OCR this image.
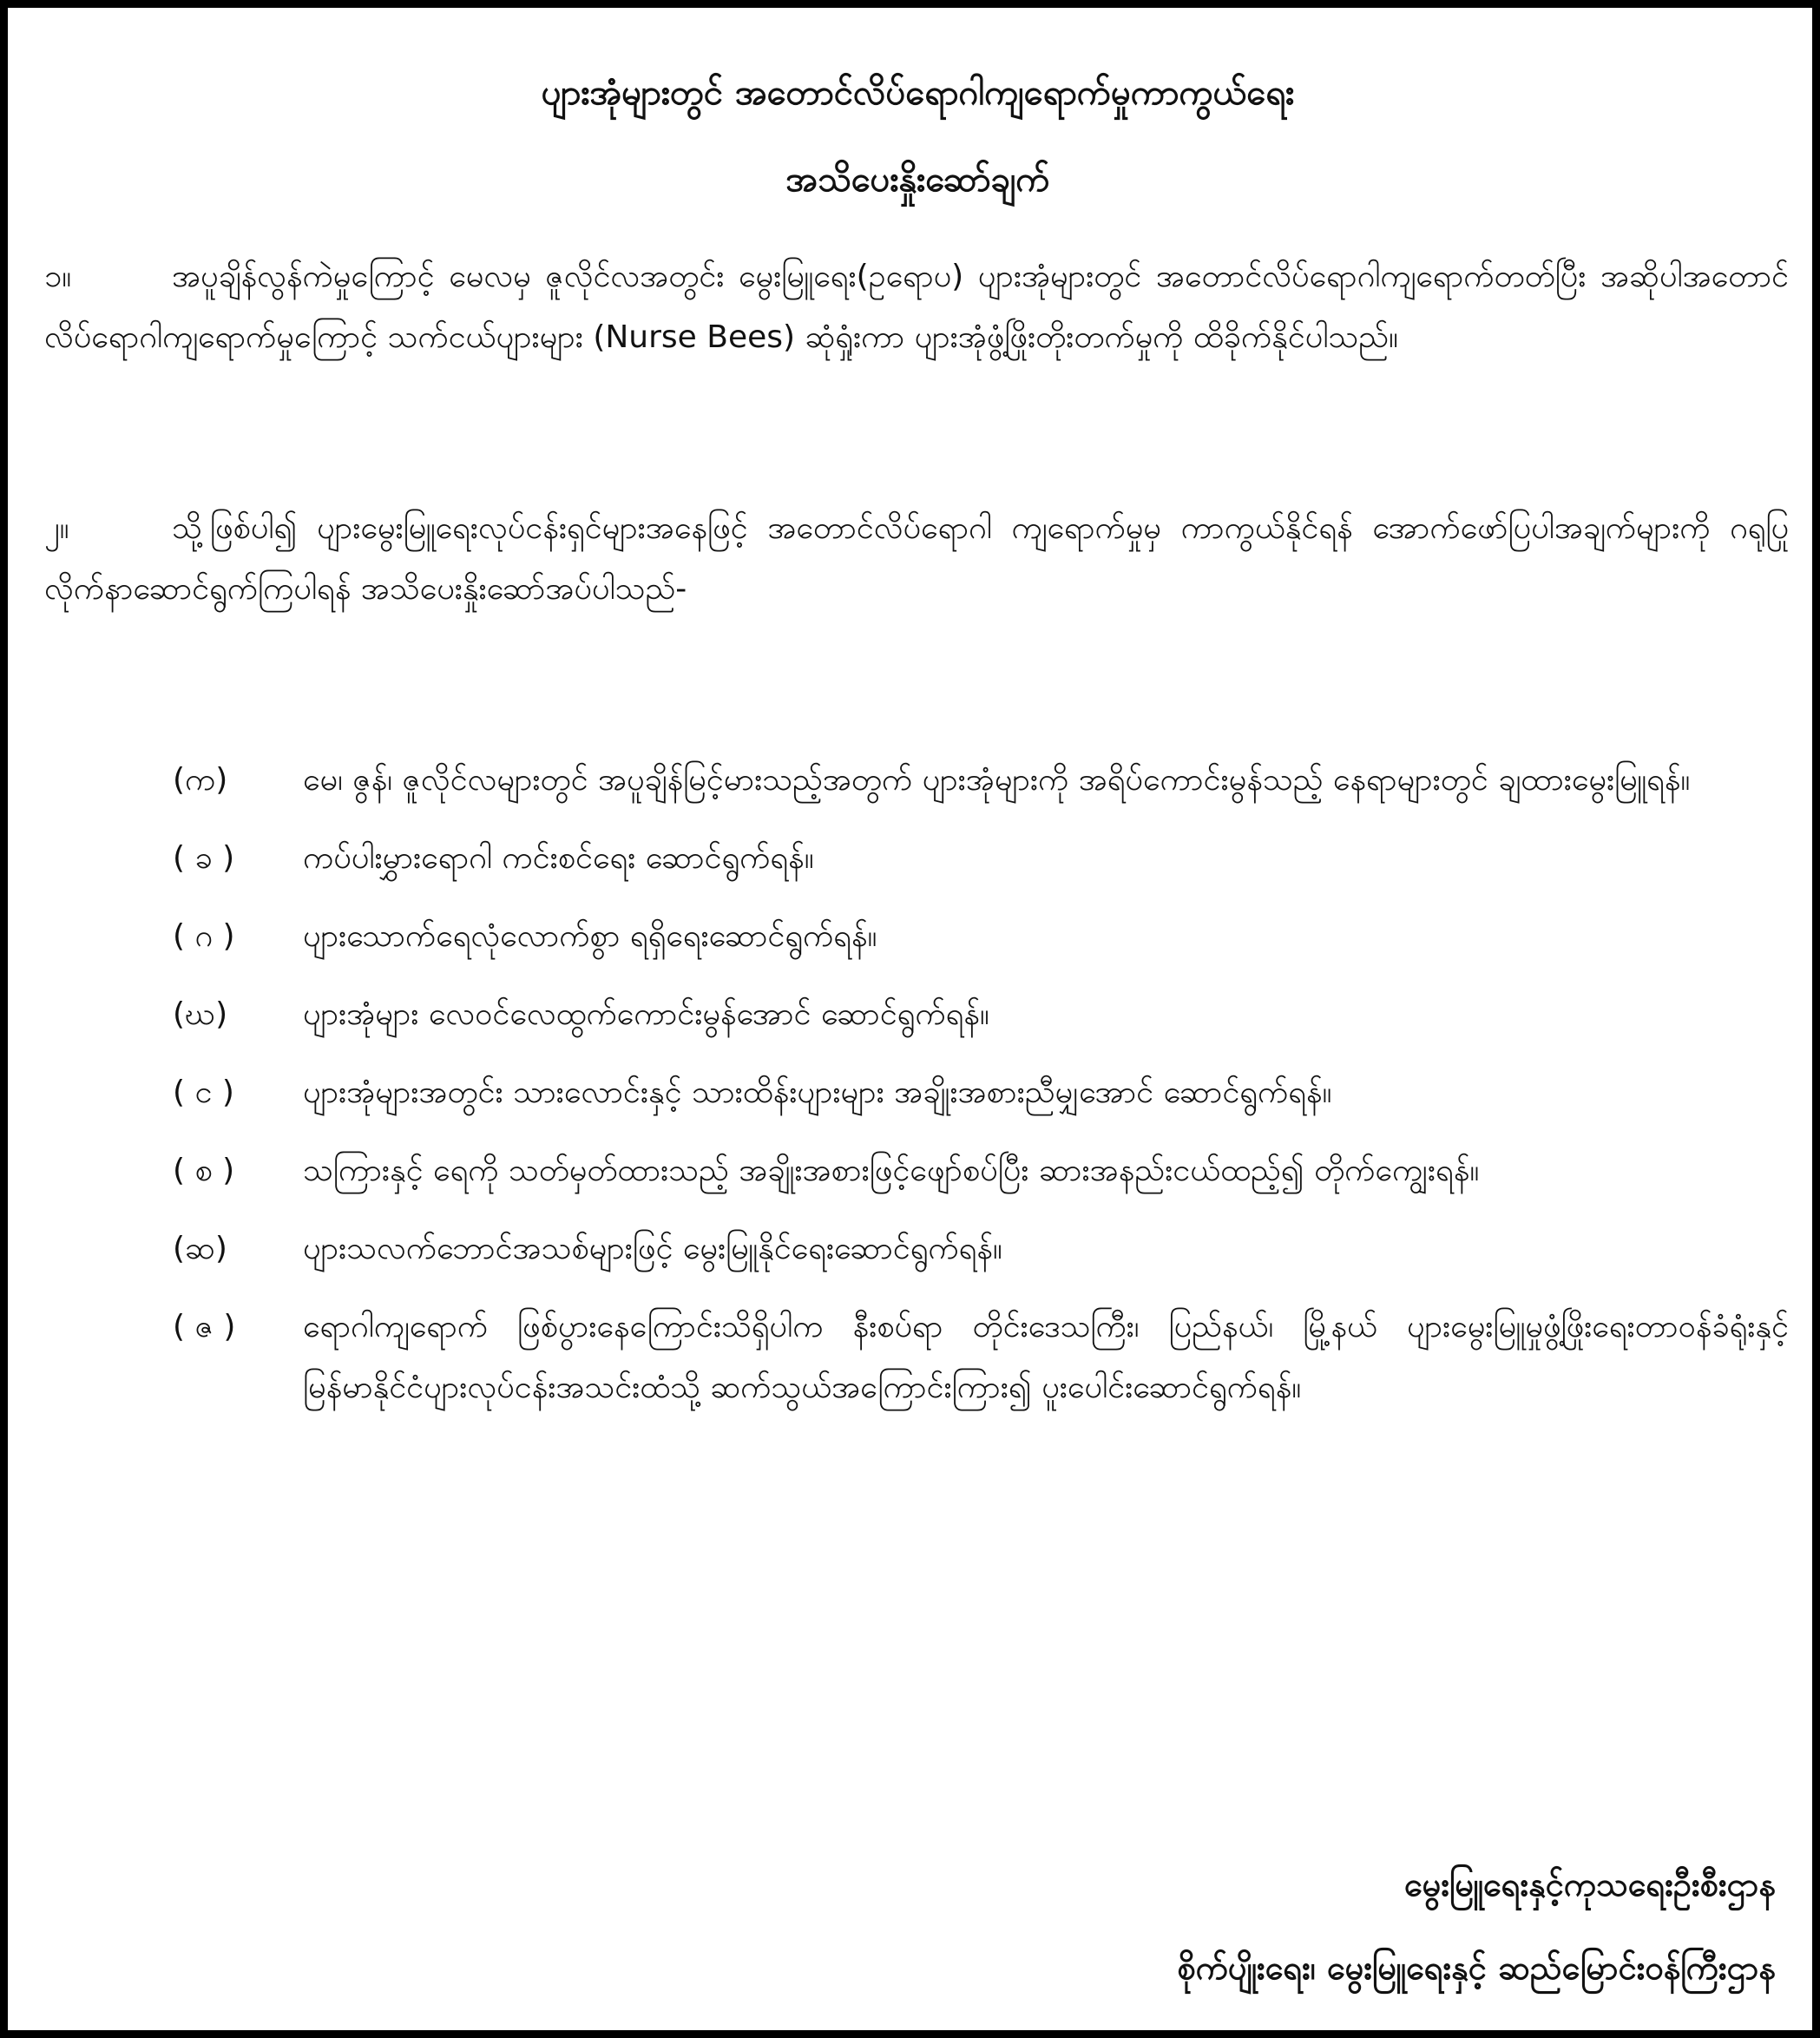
ပျားအုံများတွင် အတောင်လိပ်ရောဂါကျရောက်မှုကာကွယ်ရေး
အသိပေးနှိုးဆော်ချက်
၁။	အပူချိန်လွန်ကဲမှုကြောင့် မေလမှ ဇူလိုင်လအတွင်း မွေးမြူရေး(ဥရောပ) ပျားအုံများတွင် အတောင်လိပ်ရောဂါကျရောက်တတ်ပြီး အဆိုပါအတောင်လိပ်ရောဂါကျရောက်မှုကြောင့် သက်ငယ်ပျားများ (Nurse Bees) ဆုံရှုံးကာ ပျားအုံဖွံ့ဖြိုးတိုးတက်မှုကို ထိခိုက်နိုင်ပါသည်။
၂။	သို့ဖြစ်ပါ၍ ပျားမွေးမြူရေးလုပ်ငန်းရှင်များအနေဖြင့် အတောင်လိပ်ရောဂါ ကျရောက်မှုမှ ကာကွယ်နိုင်ရန် အောက်ဖော်ပြပါအချက်များကို ဂရုပြုလိုက်နာဆောင်ရွက်ကြပါရန် အသိပေးနှိုးဆော်အပ်ပါသည်-
(က)	မေ၊ ဇွန်၊ ဇူလိုင်လများတွင် အပူချိန်မြင့်မားသည့်အတွက် ပျားအုံများကို အရိပ်ကောင်းမွန်သည့် နေရာများတွင် ချထားမွေးမြူရန်။
( ခ )	ကပ်ပါးမွှားရောဂါ ကင်းစင်ရေး ဆောင်ရွက်ရန်။
( ဂ )	ပျားသောက်ရေလုံလောက်စွာ ရရှိရေးဆောင်ရွက်ရန်။
(ဃ)	ပျားအုံများ လေဝင်လေထွက်ကောင်းမွန်အောင် ဆောင်ရွက်ရန်။
( င )	ပျားအုံများအတွင်း သားလောင်းနှင့် သားထိန်းပျားများ အချိုးအစားညီမျှအောင် ဆောင်ရွက်ရန်။
( စ )	သကြားနှင့် ရေကို သတ်မှတ်ထားသည့် အချိုးအစားဖြင့်ဖျော်စပ်ပြီး ဆားအနည်းငယ်ထည့်၍ တိုက်ကျွေးရန်။
(ဆ)	ပျားသလက်ဘောင်အသစ်များဖြင့် မွေးမြူနိုင်ရေးဆောင်ရွက်ရန်။
( ဇ )	ရောဂါကျရောက် ဖြစ်ပွားနေကြောင်းသိရှိပါက နီးစပ်ရာ တိုင်းဒေသကြီး၊ ပြည်နယ်၊ မြို့နယ် ပျားမွေးမြူမှုဖွံ့ဖြိုးရေးတာဝန်ခံရုံးနှင့် မြန်မာနိုင်ငံပျားလုပ်ငန်းအသင်းထံသို့ ဆက်သွယ်အကြောင်းကြား၍ ပူးပေါင်းဆောင်ရွက်ရန်။
မွေးမြူရေးနှင့်ကုသရေးဦးစီးဌာန
စိုက်ပျိုးရေး၊ မွေးမြူရေးနှင့် ဆည်မြောင်းဝန်ကြီးဌာန
